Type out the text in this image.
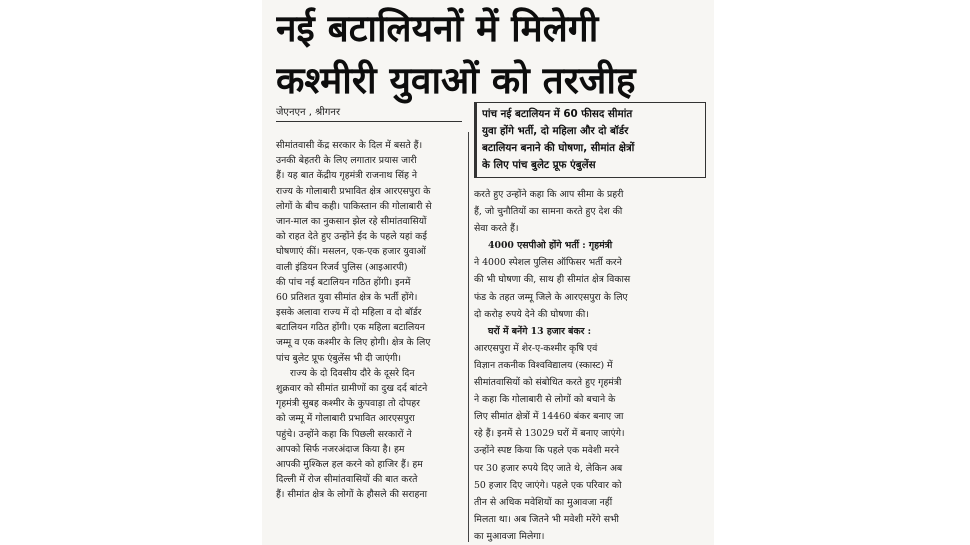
नई बटालियनों में मिलेगी
कश्मीरी युवाओं को तरजीह
जेएनएन , श्रीगनर	पांच नई बटालियन में 60 फीसद सीमांत
युवा होंगे भर्ती, दो महिला और दो बॉर्डर
बटालियन बनाने की घोषणा, सीमांत क्षेत्रों
के लिए पांच बुलेट प्रूफ एंबुलेंस
सीमांतवासी केंद्र सरकार के दिल में बसते हैं।
उनकी बेहतरी के लिए लगातार प्रयास जारी
हैं। यह बात केंद्रीय गृहमंत्री राजनाथ सिंह ने
राज्य के गोलाबारी प्रभावित क्षेत्र आरएसपुरा के
लोगों के बीच कही। पाकिस्तान की गोलाबारी से
जान-माल का नुकसान झेल रहे सीमांतवासियों
को राहत देते हुए उन्होंने ईद के पहले यहां कई
घोषणाएं कीं। मसलन, एक-एक हजार युवाओं
वाली इंडियन रिजर्व पुलिस (आइआरपी)
की पांच नई बटालियन गठित होंगी। इनमें
60 प्रतिशत युवा सीमांत क्षेत्र के भर्ती होंगे।
इसके अलावा राज्य में दो महिला व दो बॉर्डर
बटालियन गठित होंगी। एक महिला बटालियन
जम्मू व एक कश्मीर के लिए होगी। क्षेत्र के लिए
पांच बुलेट प्रूफ एंबुलेंस भी दी जाएंगी।
राज्य के दो दिवसीय दौरे के दूसरे दिन
शुक्रवार को सीमांत ग्रामीणों का दुख दर्द बांटने
गृहमंत्री सुबह कश्मीर के कुपवाड़ा तो दोपहर
को जम्मू में गोलाबारी प्रभावित आरएसपुरा
पहुंचे। उन्होंने कहा कि पिछली सरकारों ने
आपको सिर्फ नजरअंदाज किया है। हम
आपकी मुश्किल हल करने को हाजिर हैं। हम
दिल्ली में रोज सीमांतवासियों की बात करते
हैं। सीमांत क्षेत्र के लोगों के हौसले की सराहना
करते हुए उन्होंने कहा कि आप सीमा के प्रहरी
हैं, जो चुनौतियों का सामना करते हुए देश की
सेवा करते हैं।
4000 एसपीओ होंगे भर्ती : गृहमंत्री
ने 4000 स्पेशल पुलिस ऑफिसर भर्ती करने
की भी घोषणा की, साथ ही सीमांत क्षेत्र विकास
फंड के तहत जम्मू जिले के आरएसपुरा के लिए
दो करोड़ रुपये देने की घोषणा की।
घरों में बनेंगे 13 हजार बंकर :
आरएसपुरा में शेर-ए-कश्मीर कृषि एवं
विज्ञान तकनीक विश्वविद्यालय (स्कास्ट) में
सीमांतवासियों को संबोधित करते हुए गृहमंत्री
ने कहा कि गोलाबारी से लोगों को बचाने के
लिए सीमांत क्षेत्रों में 14460 बंकर बनाए जा
रहे हैं। इनमें से 13029 घरों में बनाए जाएंगे।
उन्होंने स्पष्ट किया कि पहले एक मवेशी मरने
पर 30 हजार रुपये दिए जाते थे, लेकिन अब
50 हजार दिए जाएंगे। पहले एक परिवार को
तीन से अधिक मवेशियों का मुआवजा नहीं
मिलता था। अब जितने भी मवेशी मरेंगे सभी
का मुआवजा मिलेगा।
